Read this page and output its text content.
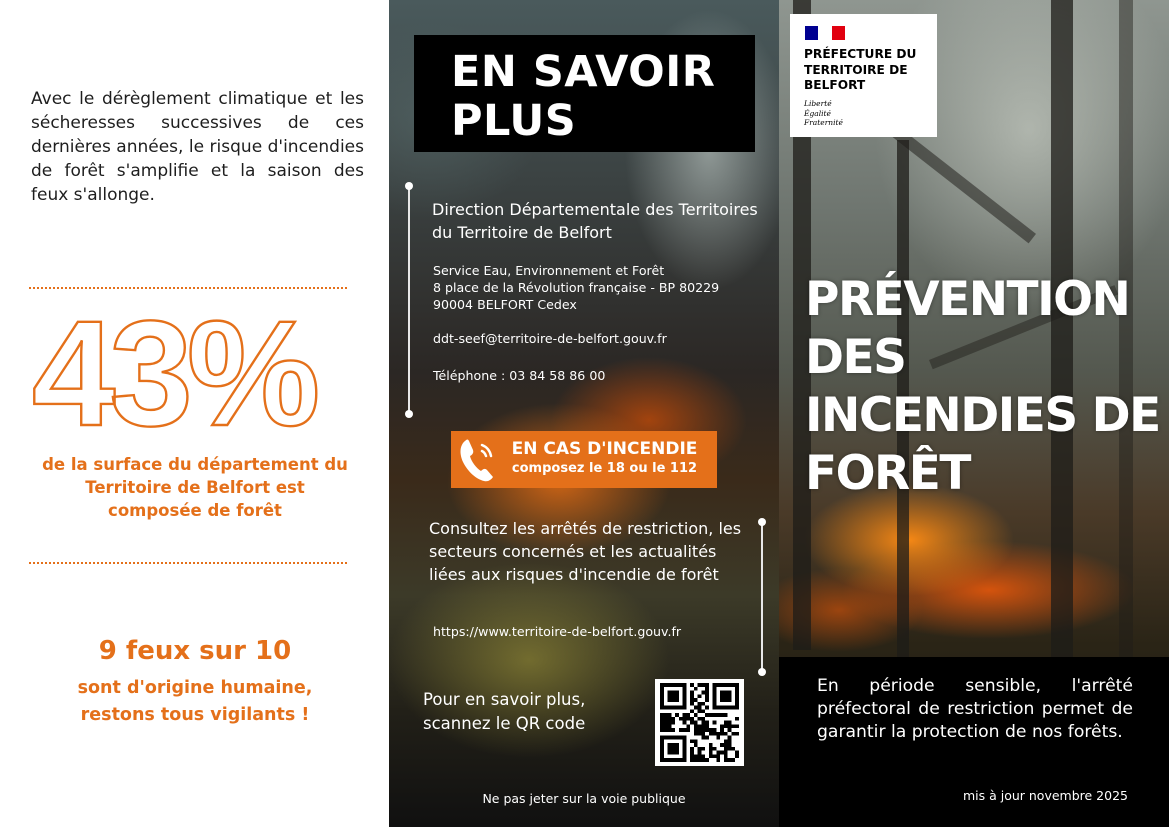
Avec le dérèglement climatique et les sécheresses successives de ces dernières années, le risque d'incendies de forêt s'amplifie et la saison des feux s'allonge.

43%

de la surface du département du Territoire de Belfort est composée de forêt

9 feux sur 10

sont d'origine humaine, restons tous vigilants !

EN SAVOIR PLUS

Direction Départementale des Territoires du Territoire de Belfort

Service Eau, Environnement et Forêt
8 place de la Révolution française - BP 80229
90004 BELFORT Cedex
ddt-seef@territoire-de-belfort.gouv.fr

Téléphone : 03 84 58 86 00

EN CAS D'INCENDIE
composez le 18 ou le 112

Consultez les arrêtés de restriction, les secteurs concernés et les actualités liées aux risques d'incendie de forêt

https://www.territoire-de-belfort.gouv.fr

Pour en savoir plus, scannez le QR code

Ne pas jeter sur la voie publique

PRÉFECTURE DU TERRITOIRE DE BELFORT
Liberté
Égalité
Fraternité
PRÉVENTION DES INCENDIES DE FORÊT

En période sensible, l'arrêté préfectoral de restriction permet de garantir la protection de nos forêts.

mis à jour novembre 2025
